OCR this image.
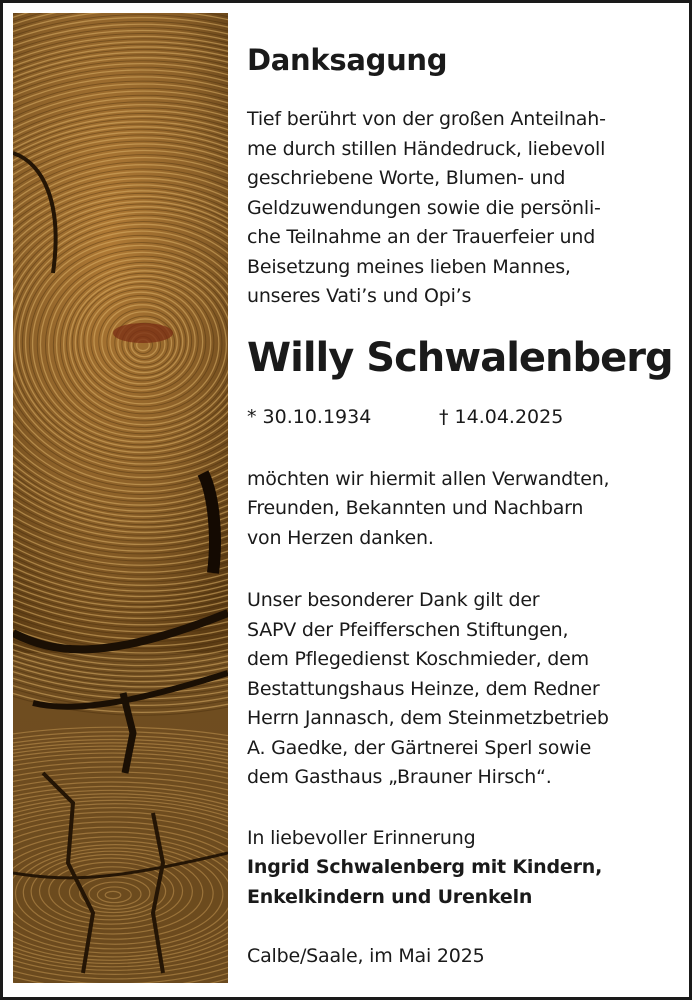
Danksagung

Tief berührt von der großen Anteilnah-
me durch stillen Händedruck, liebevoll
geschriebene Worte, Blumen- und
Geldzuwendungen sowie die persönli-
che Teilnahme an der Trauerfeier und
Beisetzung meines lieben Mannes,
unseres Vati’s und Opi’s

Willy Schwalenberg
* 30.10.1934	† 14.04.2025

möchten wir hiermit allen Verwandten,
Freunden, Bekannten und Nachbarn
von Herzen danken.

Unser besonderer Dank gilt der
SAPV der Pfeifferschen Stiftungen,
dem Pflegedienst Koschmieder, dem
Bestattungshaus Heinze, dem Redner
Herrn Jannasch, dem Steinmetzbetrieb
A. Gaedke, der Gärtnerei Sperl sowie
dem Gasthaus „Brauner Hirsch“.

In liebevoller Erinnerung
Ingrid Schwalenberg mit Kindern,
Enkelkindern und Urenkeln

Calbe/Saale, im Mai 2025
